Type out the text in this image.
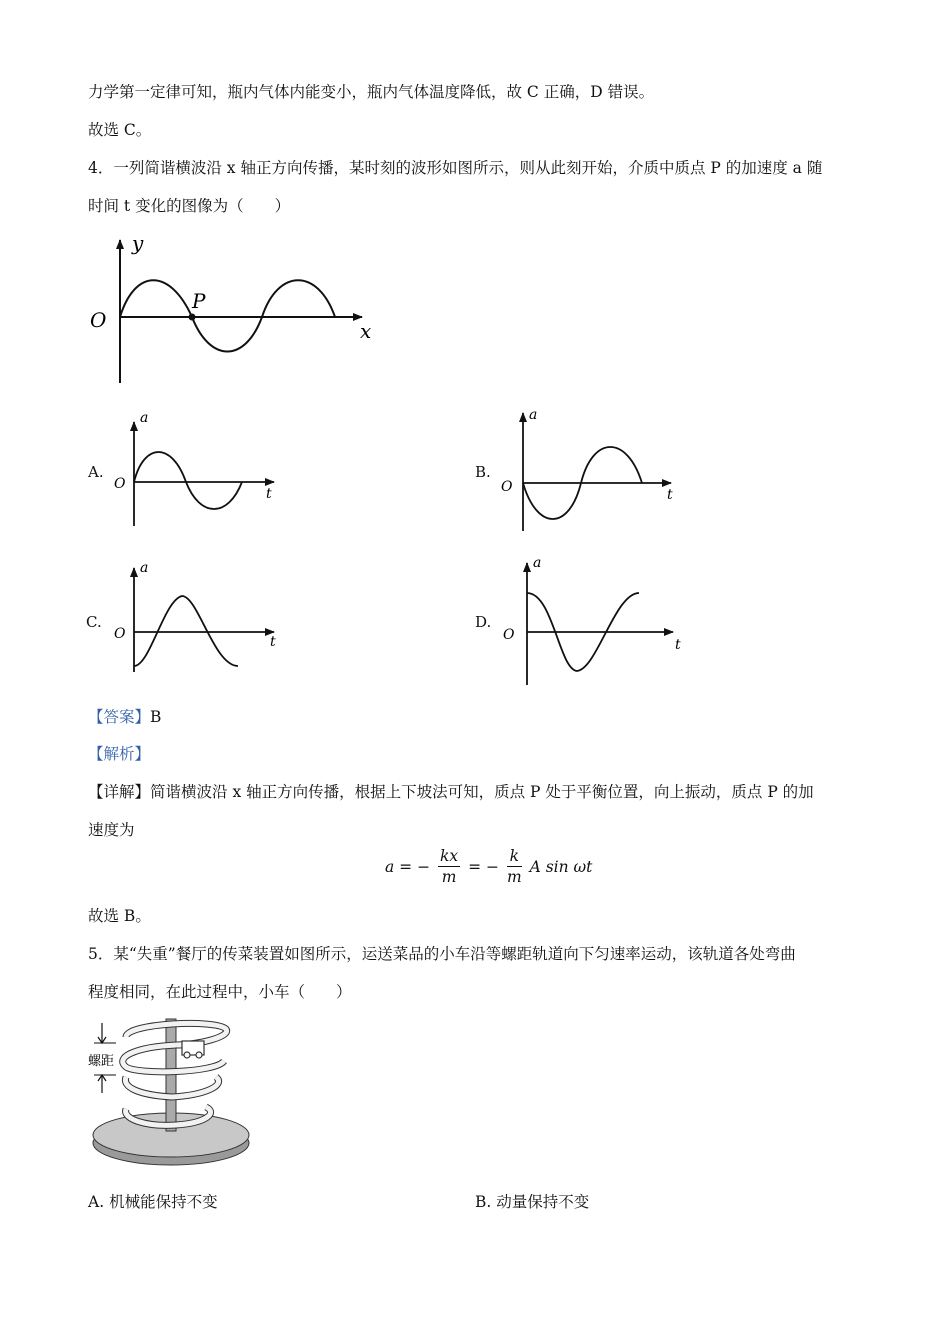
力学第一定律可知，瓶内气体内能变小，瓶内气体温度降低，故 C 正确，D 错误。
故选 C。
4．一列简谐横波沿 x 轴正方向传播，某时刻的波形如图所示，则从此刻开始，介质中质点 P 的加速度 a 随
时间 t 变化的图像为（　　）
y
x
O
P
A.
a
t
O
B.
a
t
O
C.
a
t
O
D.
a
t
O
【答案】B
【解析】
【详解】简谐横波沿 x 轴正方向传播，根据上下坡法可知，质点 P 处于平衡位置，向上振动，质点 P 的加
速度为
a = − $\frac{kx}{m}$ = − $\frac{k}{m}$ A sin ωt
故选 B。
5．某“失重”餐厅的传菜装置如图所示，运送菜品的小车沿等螺距轨道向下匀速率运动，该轨道各处弯曲
程度相同，在此过程中，小车（　　）
螺距
A. 机械能保持不变	B. 动量保持不变
